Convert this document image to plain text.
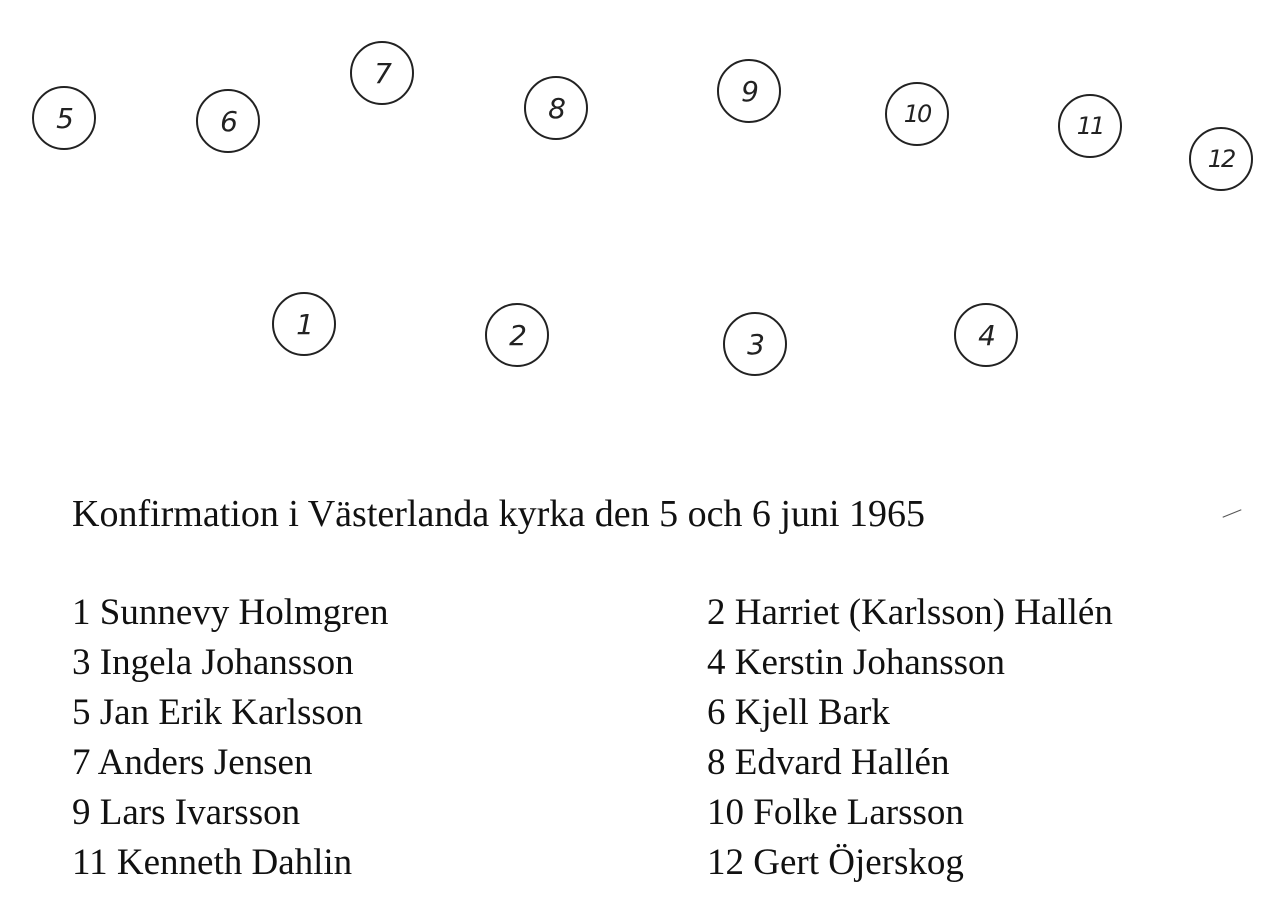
5	6
7
8
9
10	11
12
1	2	3	4
Konfirmation i Västerlanda kyrka den 5 och 6 juni 1965
1 Sunnevy Holmgren
3 Ingela Johansson
5 Jan Erik Karlsson
7 Anders Jensen
9 Lars Ivarsson
11 Kenneth Dahlin
2 Harriet (Karlsson) Hallén
4 Kerstin Johansson
6 Kjell Bark
8 Edvard Hallén
10 Folke Larsson
12 Gert Öjerskog
